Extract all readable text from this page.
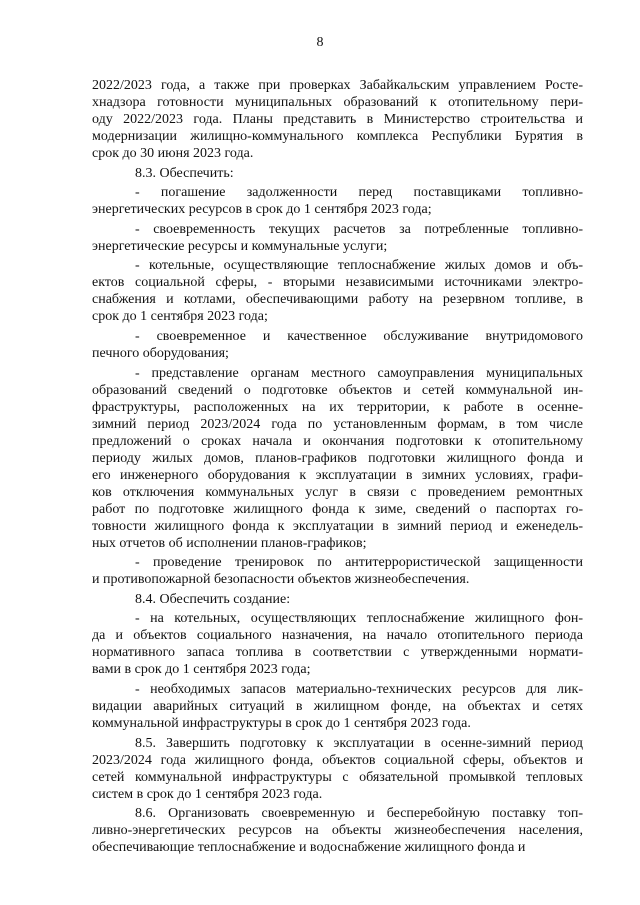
8
2022/2023 года, а также при проверках Забайкальским управлением Росте-
хнадзора готовности муниципальных образований к отопительному пери-
оду 2022/2023 года. Планы представить в Министерство строительства и
модернизации жилищно-коммунального комплекса Республики Бурятия в
срок до 30 июня 2023 года.
8.3. Обеспечить:
- погашение задолженности перед поставщиками топливно-
энергетических ресурсов в срок до 1 сентября 2023 года;
- своевременность текущих расчетов за потребленные топливно-
энергетические ресурсы и коммунальные услуги;
- котельные, осуществляющие теплоснабжение жилых домов и объ-
ектов социальной сферы, - вторыми независимыми источниками электро-
снабжения и котлами, обеспечивающими работу на резервном топливе, в
срок до 1 сентября 2023 года;
- своевременное и качественное обслуживание внутридомового
печного оборудования;
- представление органам местного самоуправления муниципальных
образований сведений о подготовке объектов и сетей коммунальной ин-
фраструктуры, расположенных на их территории, к работе в осенне-
зимний период 2023/2024 года по установленным формам, в том числе
предложений о сроках начала и окончания подготовки к отопительному
периоду жилых домов, планов-графиков подготовки жилищного фонда и
его инженерного оборудования к эксплуатации в зимних условиях, графи-
ков отключения коммунальных услуг в связи с проведением ремонтных
работ по подготовке жилищного фонда к зиме, сведений о паспортах го-
товности жилищного фонда к эксплуатации в зимний период и еженедель-
ных отчетов об исполнении планов-графиков;
- проведение тренировок по антитеррористической защищенности
и противопожарной безопасности объектов жизнеобеспечения.
8.4. Обеспечить создание:
- на котельных, осуществляющих теплоснабжение жилищного фон-
да и объектов социального назначения, на начало отопительного периода
нормативного запаса топлива в соответствии с утвержденными нормати-
вами в срок до 1 сентября 2023 года;
- необходимых запасов материально-технических ресурсов для лик-
видации аварийных ситуаций в жилищном фонде, на объектах и сетях
коммунальной инфраструктуры в срок до 1 сентября 2023 года.
8.5. Завершить подготовку к эксплуатации в осенне-зимний период
2023/2024 года жилищного фонда, объектов социальной сферы, объектов и
сетей коммунальной инфраструктуры с обязательной промывкой тепловых
систем в срок до 1 сентября 2023 года.
8.6. Организовать своевременную и бесперебойную поставку топ-
ливно-энергетических ресурсов на объекты жизнеобеспечения населения,
обеспечивающие теплоснабжение и водоснабжение жилищного фонда и
